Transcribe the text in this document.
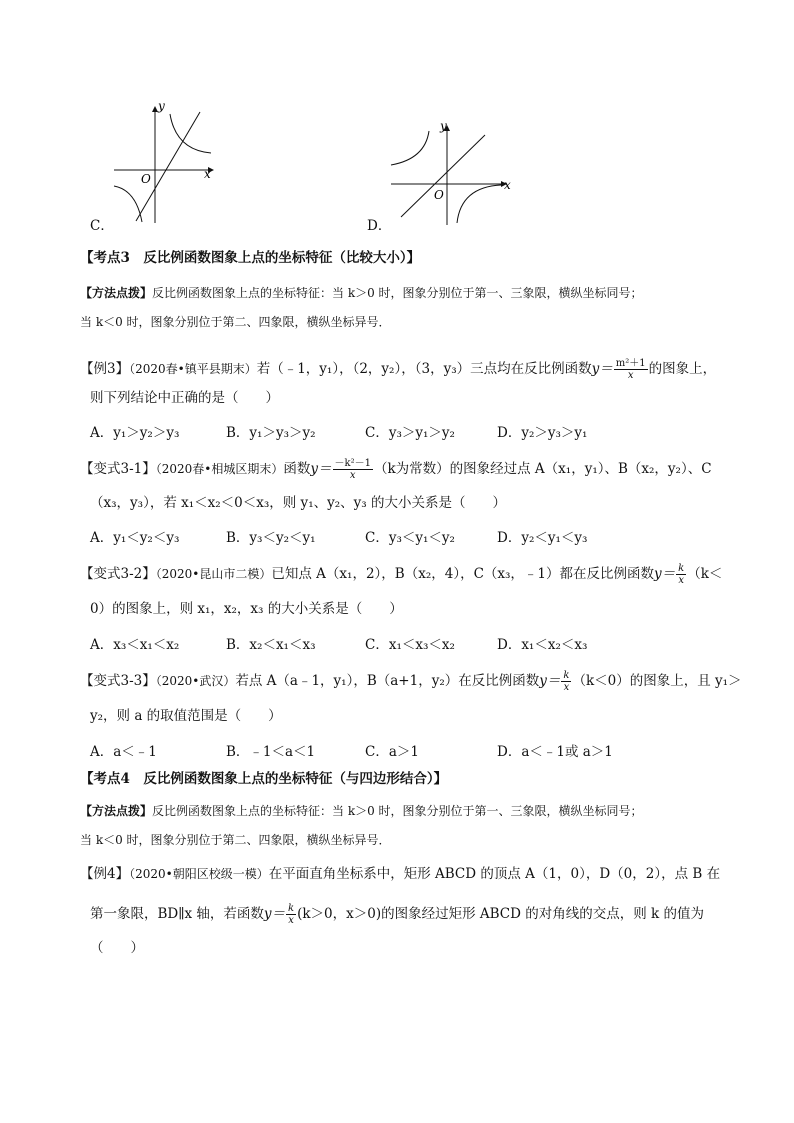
x
y
O
C．
x
y
O
D．
【考点3　反比例函数图象上点的坐标特征（比较大小）】
【方法点拨】反比例函数图象上点的坐标特征：当 k＞0 时，图象分别位于第一、三象限，横纵坐标同号；
当 k＜0 时，图象分别位于第二、四象限，横纵坐标异号．
【例3】（2020春•镇平县期末）若（﹣1，y₁），（2，y₂），（3，y₃）三点均在反比例函数$y= \frac{\text{m²＋1}}{x}$ 的图象上，
则下列结论中正确的是（　　）
A．y₁＞y₂＞y₃	B．y₁＞y₃＞y₂	C．y₃＞y₁＞y₂	D．y₂＞y₃＞y₁
【变式3-1】（2020春•相城区期末）函数$y= \frac{\text{－k²－1}}{x} (k$为常数）的图象经过点 A（x₁，y₁）、B（x₂，y₂）、C
（x₃，y₃），若 x₁＜x₂＜0＜x₃，则 y₁、y₂、y₃ 的大小关系是（　　）
A．y₁＜y₂＜y₃	B．y₃＜y₂＜y₁	C．y₃＜y₁＜y₂	D．y₂＜y₁＜y₃
【变式3-2】（2020•昆山市二模）已知点 A（x₁，2），B（x₂，4），C（x₃，﹣1）都在反比例函数$y= \frac{k}{x} (k<$
0）的图象上，则 x₁，x₂，x₃ 的大小关系是（　　）
A．x₃＜x₁＜x₂	B．x₂＜x₁＜x₃	C．x₁＜x₃＜x₂	D．x₁＜x₂＜x₃
【变式3-3】（2020•武汉）若点 A（a﹣1，y₁），B（a+1，y₂）在反比例函数$y= \frac{k}{x} (k<0)$的图象上，且 y₁＞
y₂，则 a 的取值范围是（　　）
A．a＜﹣1	B．﹣1＜a＜1	C．a＞1	D．a＜﹣1或 a＞1
【考点4　反比例函数图象上点的坐标特征（与四边形结合）】
【方法点拨】反比例函数图象上点的坐标特征：当 k＞0 时，图象分别位于第一、三象限，横纵坐标同号；
当 k＜0 时，图象分别位于第二、四象限，横纵坐标异号．
【例4】（2020•朝阳区校级一模）在平面直角坐标系中，矩形 ABCD 的顶点 A（1，0），D（0，2），点 B 在
第一象限，BD∥x 轴，若函数$y= \frac{k}{x} (k>0$，x＞0)的图象经过矩形 ABCD 的对角线的交点，则 k 的值为
（　　）
